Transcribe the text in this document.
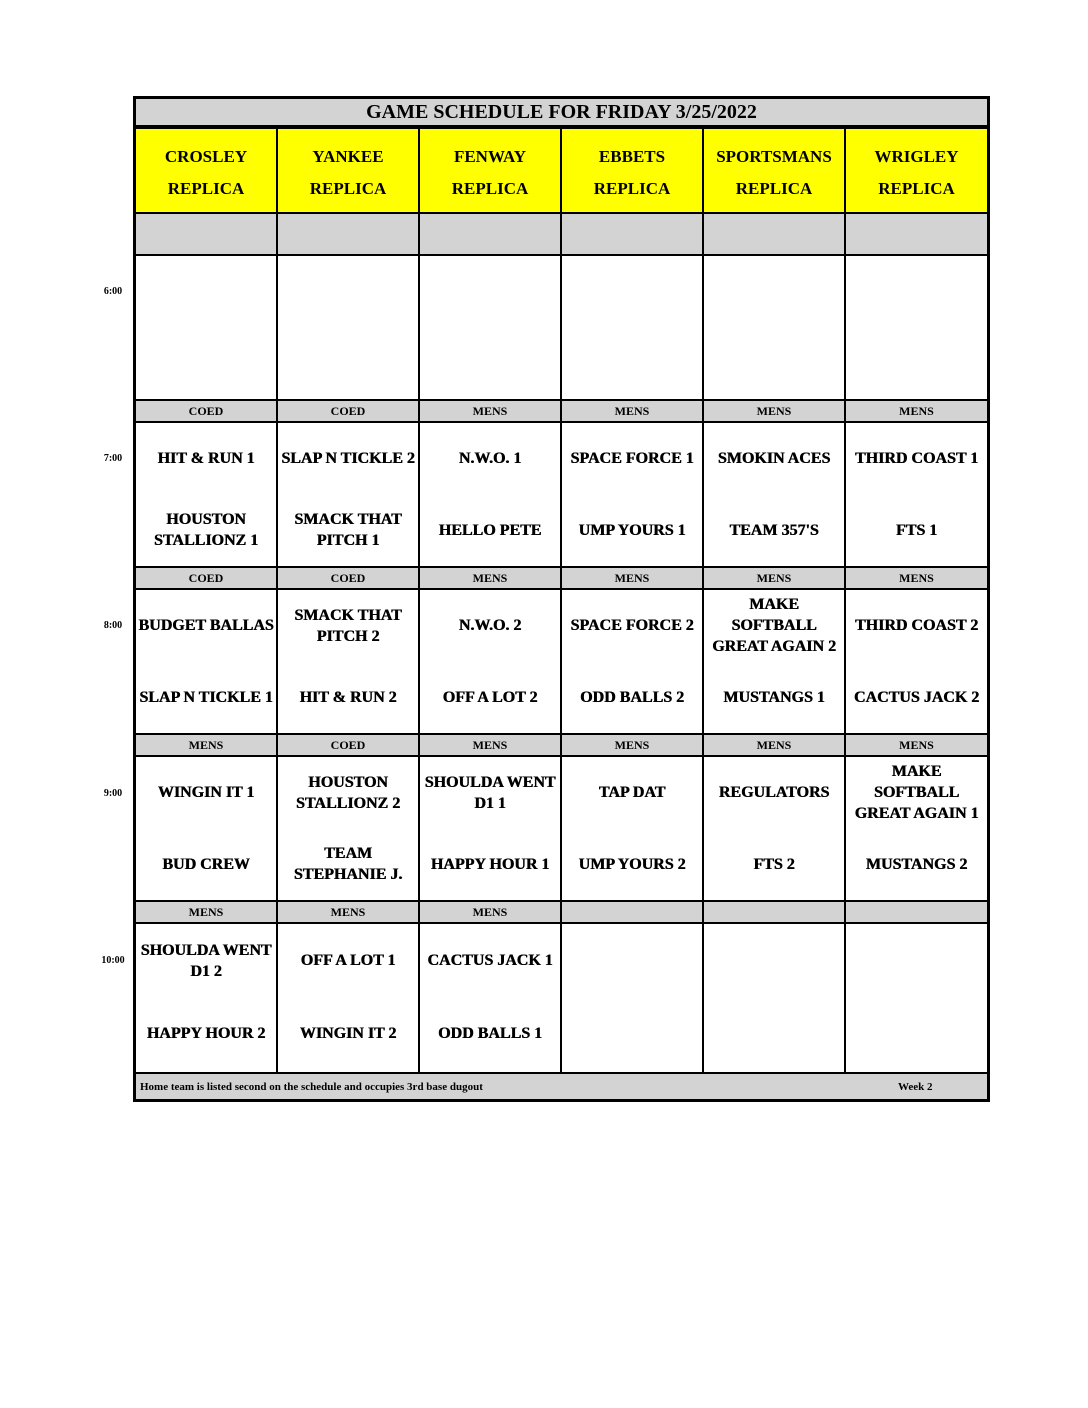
GAME SCHEDULE FOR FRIDAY 3/25/2022
CROSLEY
REPLICA
YANKEE
REPLICA
FENWAY
REPLICA
EBBETS
REPLICA
SPORTSMANS
REPLICA
WRIGLEY
REPLICA
COED
HIT & RUN 1
HOUSTON STALLIONZ 1
COED
SLAP N TICKLE 2
SMACK THAT PITCH 1
MENS
N.W.O. 1
HELLO PETE
MENS
SPACE FORCE 1
UMP YOURS 1
MENS
SMOKIN ACES
TEAM 357'S
MENS
THIRD COAST 1
FTS 1
COED
BUDGET BALLAS
SLAP N TICKLE 1
COED
SMACK THAT PITCH 2
HIT & RUN 2
MENS
N.W.O. 2
OFF A LOT 2
MENS
SPACE FORCE 2
ODD BALLS 2
MENS
MAKE SOFTBALL GREAT AGAIN 2
MUSTANGS 1
MENS
THIRD COAST 2
CACTUS JACK 2
MENS
WINGIN IT 1
BUD CREW
COED
HOUSTON STALLIONZ 2
TEAM STEPHANIE J.
MENS
SHOULDA WENT D1 1
HAPPY HOUR 1
MENS
TAP DAT
UMP YOURS 2
MENS
REGULATORS
FTS 2
MENS
MAKE SOFTBALL GREAT AGAIN 1
MUSTANGS 2
MENS
SHOULDA WENT D1 2
HAPPY HOUR 2
MENS
OFF A LOT 1
WINGIN IT 2
MENS
CACTUS JACK 1
ODD BALLS 1
Home team is listed second on the schedule and occupies 3rd base dugout	Week 2
6:00
7:00
8:00
9:00
10:00
